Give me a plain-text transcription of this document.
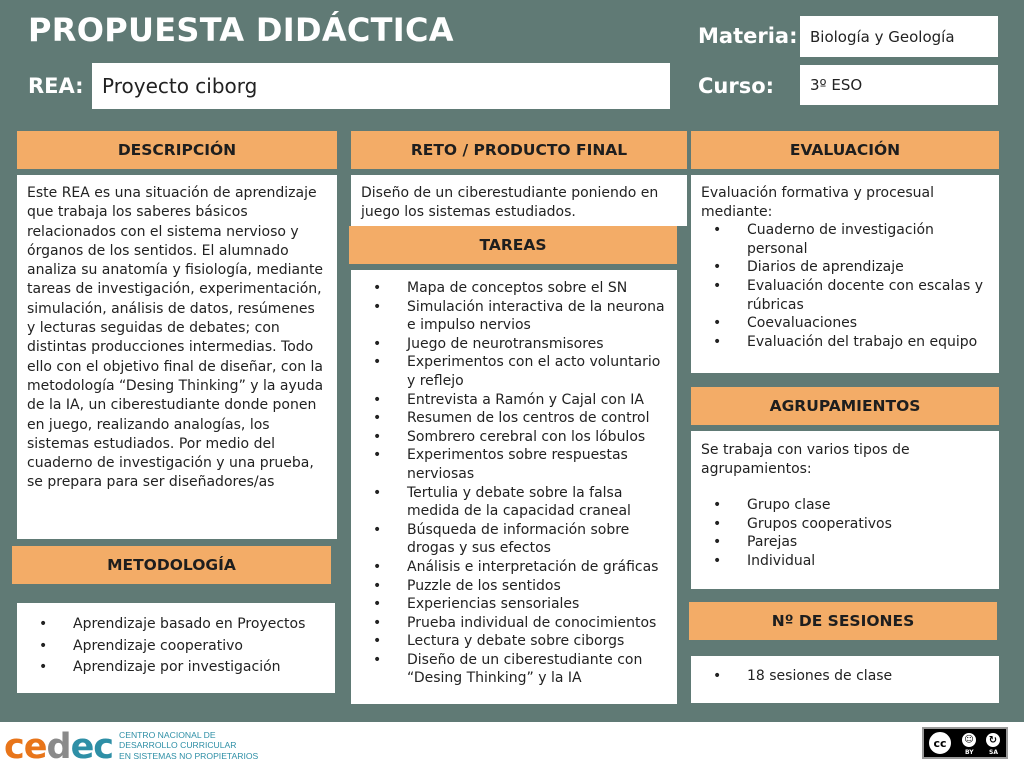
PROPUESTA DIDÁCTICA
REA: Proyecto ciborg
Materia: Biología y Geología
Curso:	3º ESO
DESCRIPCIÓN

Este REA es una situación de aprendizaje que trabaja los saberes básicos relacionados con el sistema nervioso y órganos de los sentidos. El alumnado analiza su anatomía y fisiología, mediante tareas de investigación, experimentación, simulación, análisis de datos, resúmenes y lecturas seguidas de debates; con distintas producciones intermedias. Todo ello con el objetivo final de diseñar, con la metodología “Desing Thinking” y la ayuda de la IA, un ciberestudiante donde ponen en juego, realizando analogías, los sistemas estudiados. Por medio del cuaderno de investigación y una prueba, se prepara para ser diseñadores/as

METODOLOGÍA
• Aprendizaje basado en Proyectos
• Aprendizaje cooperativo
• Aprendizaje por investigación
RETO / PRODUCTO FINAL

Diseño de un ciberestudiante poniendo en juego los sistemas estudiados.

TAREAS
• Mapa de conceptos sobre el SN
• Simulación interactiva de la neurona e impulso nervios
• Juego de neurotransmisores
• Experimentos con el acto voluntario y reflejo
• Entrevista a Ramón y Cajal con IA
• Resumen de los centros de control
• Sombrero cerebral con los lóbulos
• Experimentos sobre respuestas nerviosas
• Tertulia y debate sobre la falsa medida de la capacidad craneal
• Búsqueda de información sobre drogas y sus efectos
• Análisis e interpretación de gráficas
• Puzzle de los sentidos
• Experiencias sensoriales
• Prueba individual de conocimientos
• Lectura y debate sobre ciborgs
• Diseño de un ciberestudiante con “Desing Thinking” y la IA
EVALUACIÓN

Evaluación formativa y procesual mediante:

• Cuaderno de investigación personal
• Diarios de aprendizaje
• Evaluación docente con escalas y rúbricas
• Coevaluaciones
• Evaluación del trabajo en equipo
AGRUPAMIENTOS

Se trabaja con varios tipos de agrupamientos:

• Grupo clase
• Grupos cooperativos
• Parejas
• Individual
Nº DE SESIONES
• 18 sesiones de clase
cedec CENTRO NACIONAL DE
DESARROLLO CURRICULAR
EN SISTEMAS NO PROPIETARIOS
cc	☺	↻
BY	SA
